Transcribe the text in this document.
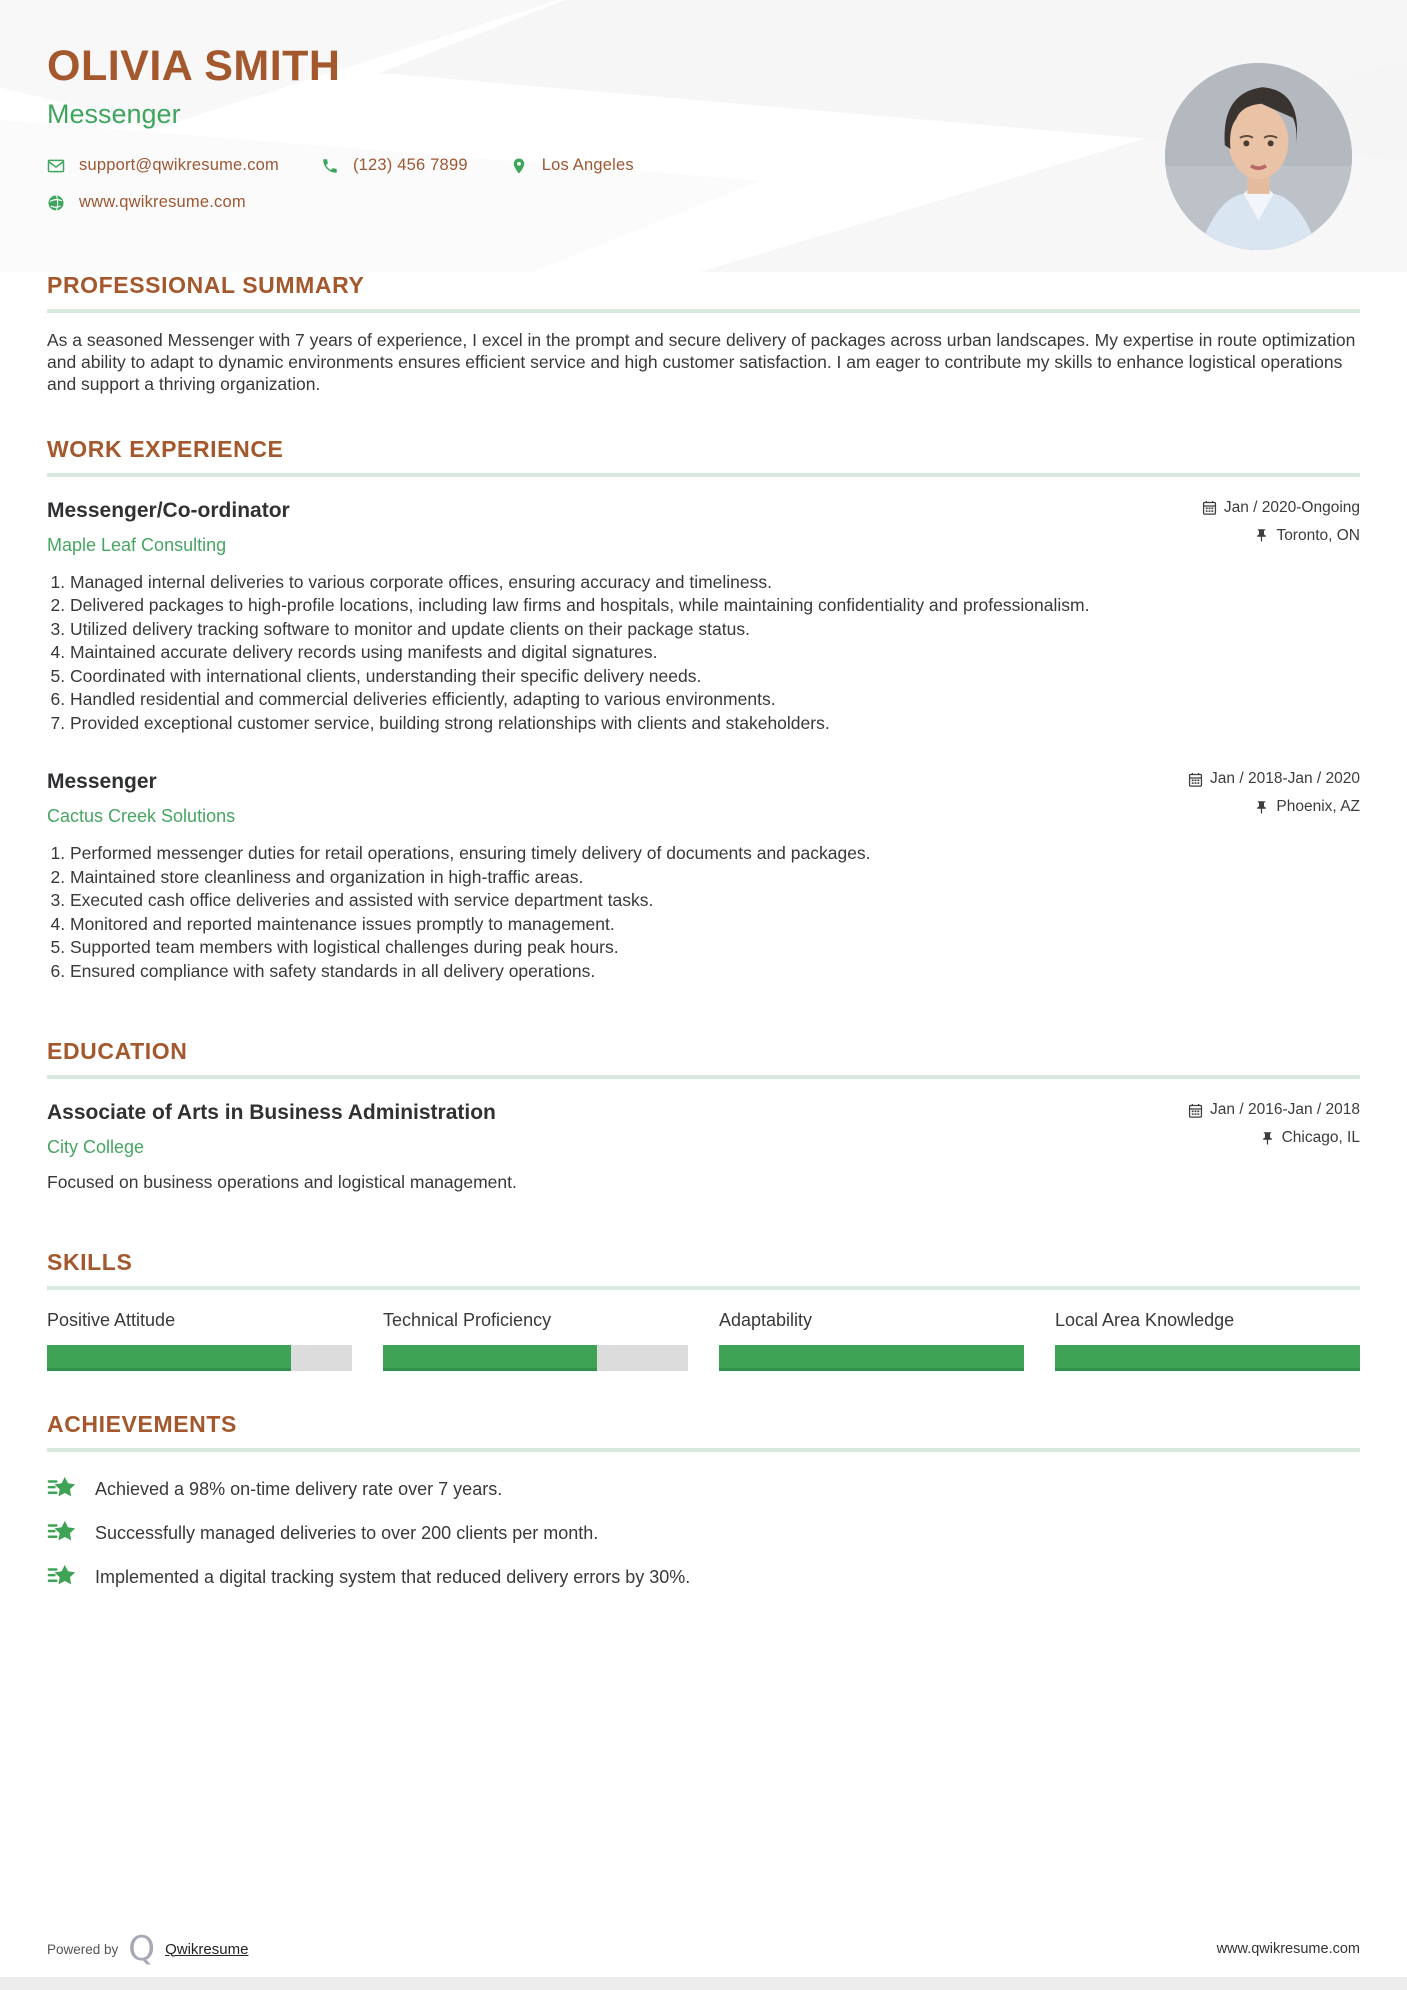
OLIVIA SMITH
Messenger
support@qwikresume.com	(123) 456 7899	Los Angeles
www.qwikresume.com
PROFESSIONAL SUMMARY

As a seasoned Messenger with 7 years of experience, I excel in the prompt and secure delivery of packages across urban landscapes. My expertise in route optimization and ability to adapt to dynamic environments ensures efficient service and high customer satisfaction. I am eager to contribute my skills to enhance logistical operations and support a thriving organization.

WORK EXPERIENCE
Messenger/Co-ordinator
Maple Leaf Consulting
Jan / 2020-Ongoing
Toronto, ON
1. Managed internal deliveries to various corporate offices, ensuring accuracy and timeliness.
2. Delivered packages to high-profile locations, including law firms and hospitals, while maintaining confidentiality and professionalism.
3. Utilized delivery tracking software to monitor and update clients on their package status.
4. Maintained accurate delivery records using manifests and digital signatures.
5. Coordinated with international clients, understanding their specific delivery needs.
6. Handled residential and commercial deliveries efficiently, adapting to various environments.
7. Provided exceptional customer service, building strong relationships with clients and stakeholders.
Messenger
Cactus Creek Solutions
Jan / 2018-Jan / 2020
Phoenix, AZ
1. Performed messenger duties for retail operations, ensuring timely delivery of documents and packages.
2. Maintained store cleanliness and organization in high-traffic areas.
3. Executed cash office deliveries and assisted with service department tasks.
4. Monitored and reported maintenance issues promptly to management.
5. Supported team members with logistical challenges during peak hours.
6. Ensured compliance with safety standards in all delivery operations.
EDUCATION
Associate of Arts in Business Administration
City College
Jan / 2016-Jan / 2018
Chicago, IL
Focused on business operations and logistical management.
SKILLS
Positive Attitude	Technical Proficiency	Adaptability	Local Area Knowledge
ACHIEVEMENTS
Achieved a 98% on-time delivery rate over 7 years.
Successfully managed deliveries to over 200 clients per month.
Implemented a digital tracking system that reduced delivery errors by 30%.
Powered by Q Qwikresume	www.qwikresume.com
